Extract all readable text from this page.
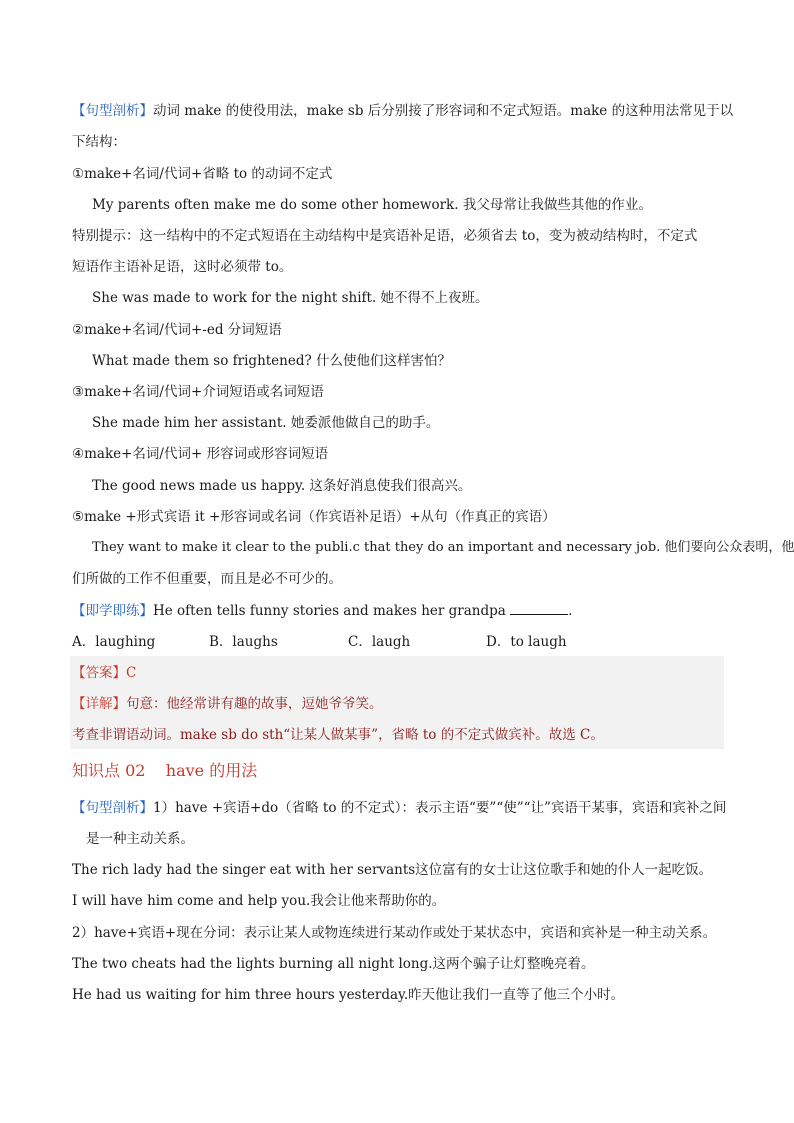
【句型剖析】动词 make 的使役用法，make sb 后分别接了形容词和不定式短语。make 的这种用法常见于以
下结构：
①make+名词/代词+省略 to 的动词不定式
My parents often make me do some other homework. 我父母常让我做些其他的作业。
特别提示：这一结构中的不定式短语在主动结构中是宾语补足语，必须省去 to，变为被动结构时，不定式
短语作主语补足语，这时必须带 to。
She was made to work for the night shift. 她不得不上夜班。
②make+名词/代词+-ed 分词短语
What made them so frightened? 什么使他们这样害怕？
③make+名词/代词+介词短语或名词短语
She made him her assistant. 她委派他做自己的助手。
④make+名词/代词+ 形容词或形容词短语
The good news made us happy. 这条好消息使我们很高兴。
⑤make +形式宾语 it +形容词或名词（作宾语补足语）+从句（作真正的宾语）
They want to make it clear to the publi.c that they do an important and necessary job. 他们要向公众表明，他
们所做的工作不但重要，而且是必不可少的。
【即学即练】He often tells funny stories and makes her grandpa	.
A．laughing	B．laughs	C．laugh	D．to laugh
【答案】C
【详解】句意：他经常讲有趣的故事，逗她爷爷笑。
考查非谓语动词。make sb do sth“让某人做某事”，省略 to 的不定式做宾补。故选 C。
知识点 02    have 的用法
【句型剖析】1）have +宾语+do（省略 to 的不定式）：表示主语“要”“使”“让”宾语干某事，宾语和宾补之间
是一种主动关系。
The rich lady had the singer eat with her servants这位富有的女士让这位歌手和她的仆人一起吃饭。
I will have him come and help you.我会让他来帮助你的。
2）have+宾语+现在分词：表示让某人或物连续进行某动作或处于某状态中，宾语和宾补是一种主动关系。
The two cheats had the lights burning all night long.这两个骗子让灯整晚亮着。
He had us waiting for him three hours yesterday.昨天他让我们一直等了他三个小时。
